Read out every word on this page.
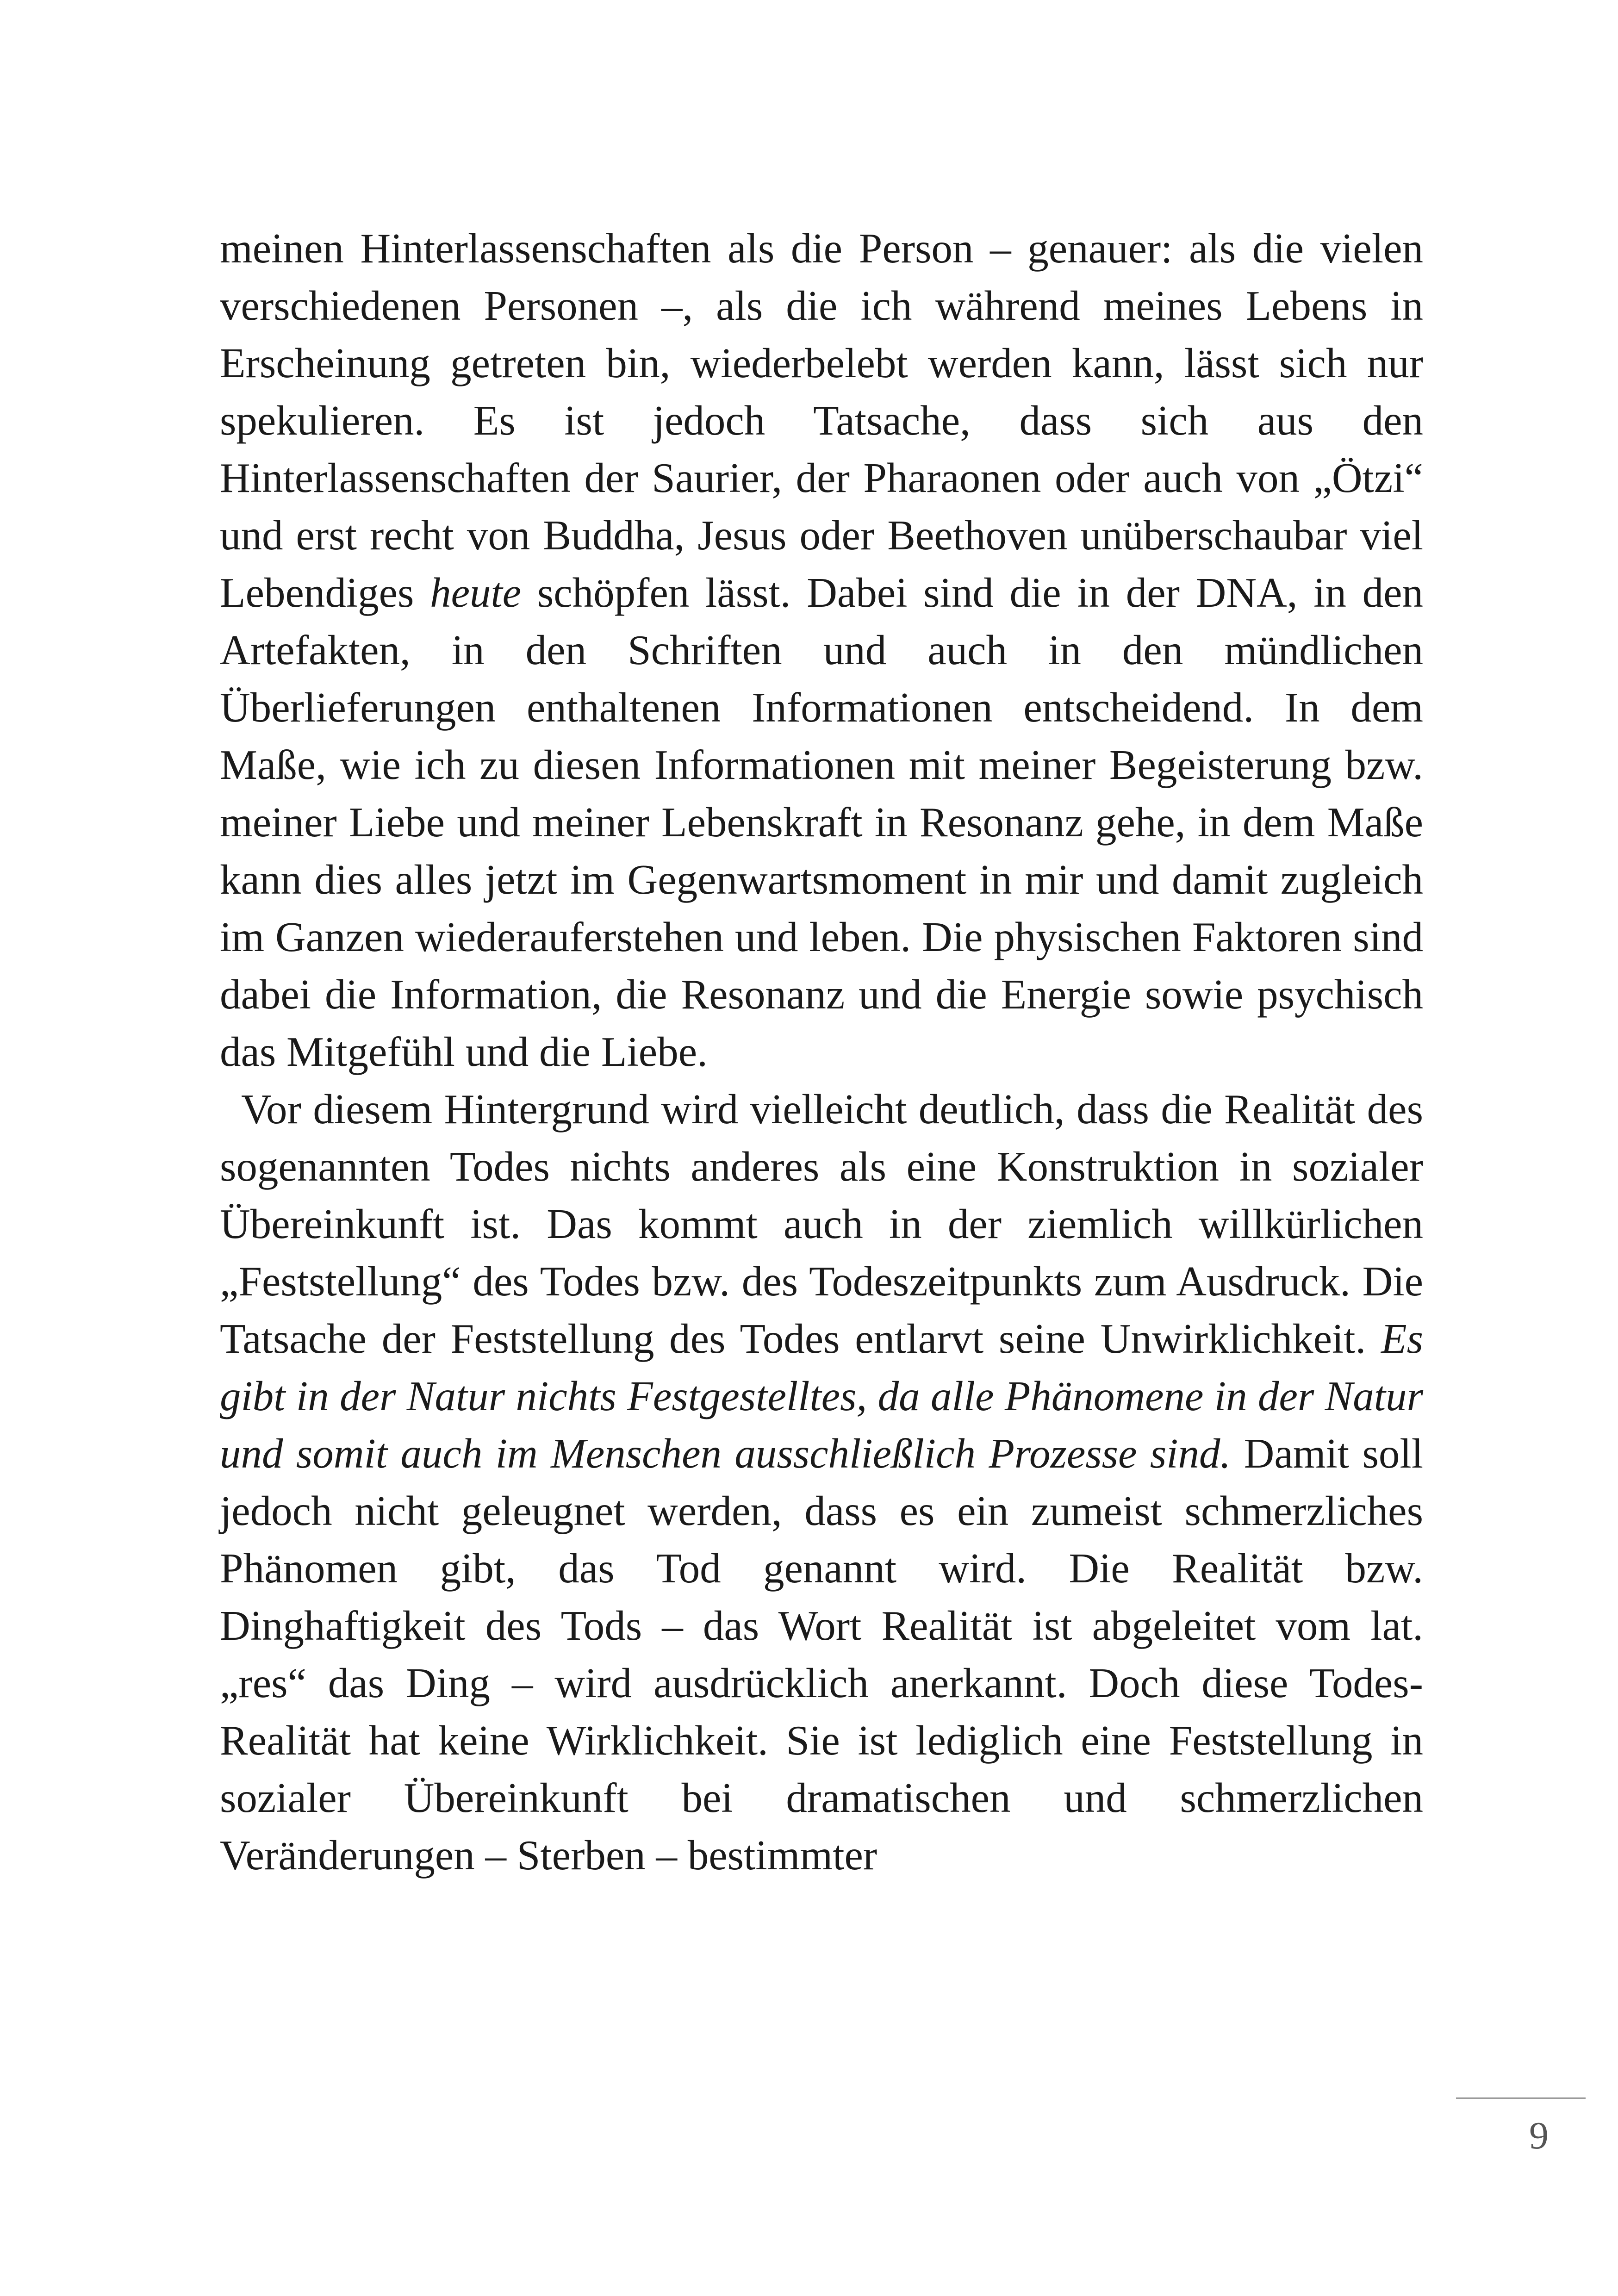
meinen Hinterlassenschaften als die Person – genauer: als die vielen verschiedenen Personen –, als die ich während meines Lebens in Erscheinung getreten bin, wiederbelebt werden kann, lässt sich nur spekulieren. Es ist jedoch Tatsache, dass sich aus den Hinterlassenschaften der Saurier, der Pharaonen oder auch von „Ötzi“ und erst recht von Buddha, Jesus oder Beethoven unüberschaubar viel Lebendiges heute schöpfen lässt. Dabei sind die in der DNA, in den Artefakten, in den Schriften und auch in den mündlichen Überlieferungen enthaltenen Informationen entscheidend. In dem Maße, wie ich zu diesen Informationen mit meiner Begeisterung bzw. meiner Liebe und meiner Lebenskraft in Resonanz gehe, in dem Maße kann dies alles jetzt im Gegenwartsmoment in mir und damit zugleich im Ganzen wiederauferstehen und leben. Die physischen Faktoren sind dabei die Information, die Resonanz und die Energie sowie psychisch das Mitgefühl und die Liebe.

Vor diesem Hintergrund wird vielleicht deutlich, dass die Realität des sogenannten Todes nichts anderes als eine Konstruktion in sozialer Übereinkunft ist. Das kommt auch in der ziemlich willkürlichen „Feststellung“ des Todes bzw. des Todeszeitpunkts zum Ausdruck. Die Tatsache der Feststellung des Todes entlarvt seine Unwirklichkeit. Es gibt in der Natur nichts Festgestelltes, da alle Phänomene in der Natur und somit auch im Menschen ausschließlich Prozesse sind. Damit soll jedoch nicht geleugnet werden, dass es ein zumeist schmerzliches Phänomen gibt, das Tod genannt wird. Die Realität bzw. Dinghaftigkeit des Tods – das Wort Realität ist abgeleitet vom lat. „res“ das Ding – wird ausdrücklich anerkannt. Doch diese Todes-Realität hat keine Wirklichkeit. Sie ist lediglich eine Feststellung in sozialer Übereinkunft bei dramatischen und schmerzlichen Veränderungen – Sterben – bestimmter

9
